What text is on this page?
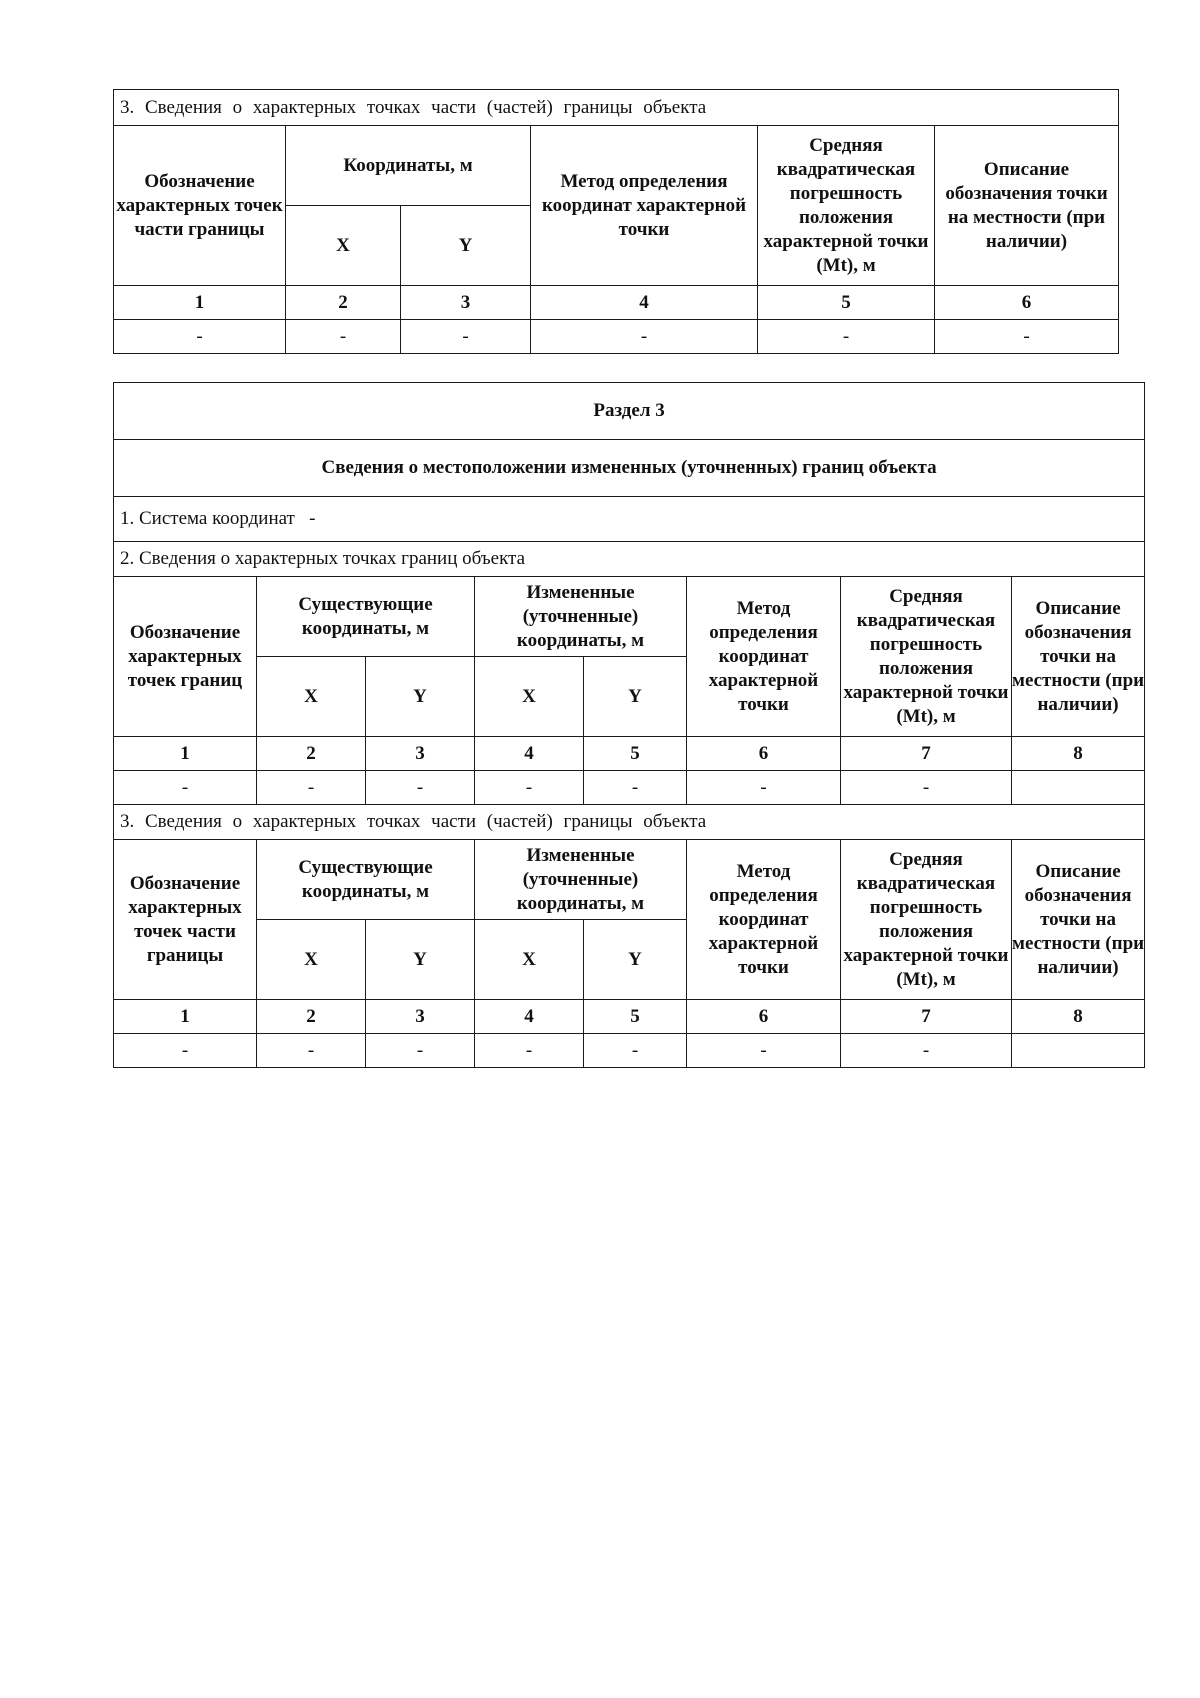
3. Сведения о характерных точках части (частей) границы объекта					
Обозначение характерных точек части границы	Координаты, м		Метод определения координат характерной точки	Средняя квадратическая погрешность положения характерной точки (Mt), м	Описание обозначения точки на местности (при наличии)
	X	Y			
1	2	3	4	5	6
-	-	-	-	-	-
Раздел 3							
Сведения о местоположении измененных (уточненных) границ объекта							
1. Система координат   -							
2. Сведения о характерных точках границ объекта							
Обозначение характерных точек границ	Существующие координаты, м		Измененные (уточненные) координаты, м		Метод определения координат характерной точки	Средняя квадратическая погрешность положения характерной точки (Mt), м	Описание обозначения точки на местности (при наличии)
	X	Y	X	Y			
1	2	3	4	5	6	7	8
-	-	-	-	-	-	-	
3. Сведения о характерных точках части (частей) границы объекта							
Обозначение характерных точек части границы	Существующие координаты, м		Измененные (уточненные) координаты, м		Метод определения координат характерной точки	Средняя квадратическая погрешность положения характерной точки (Mt), м	Описание обозначения точки на местности (при наличии)
	X	Y	X	Y			
1	2	3	4	5	6	7	8
-	-	-	-	-	-	-	
